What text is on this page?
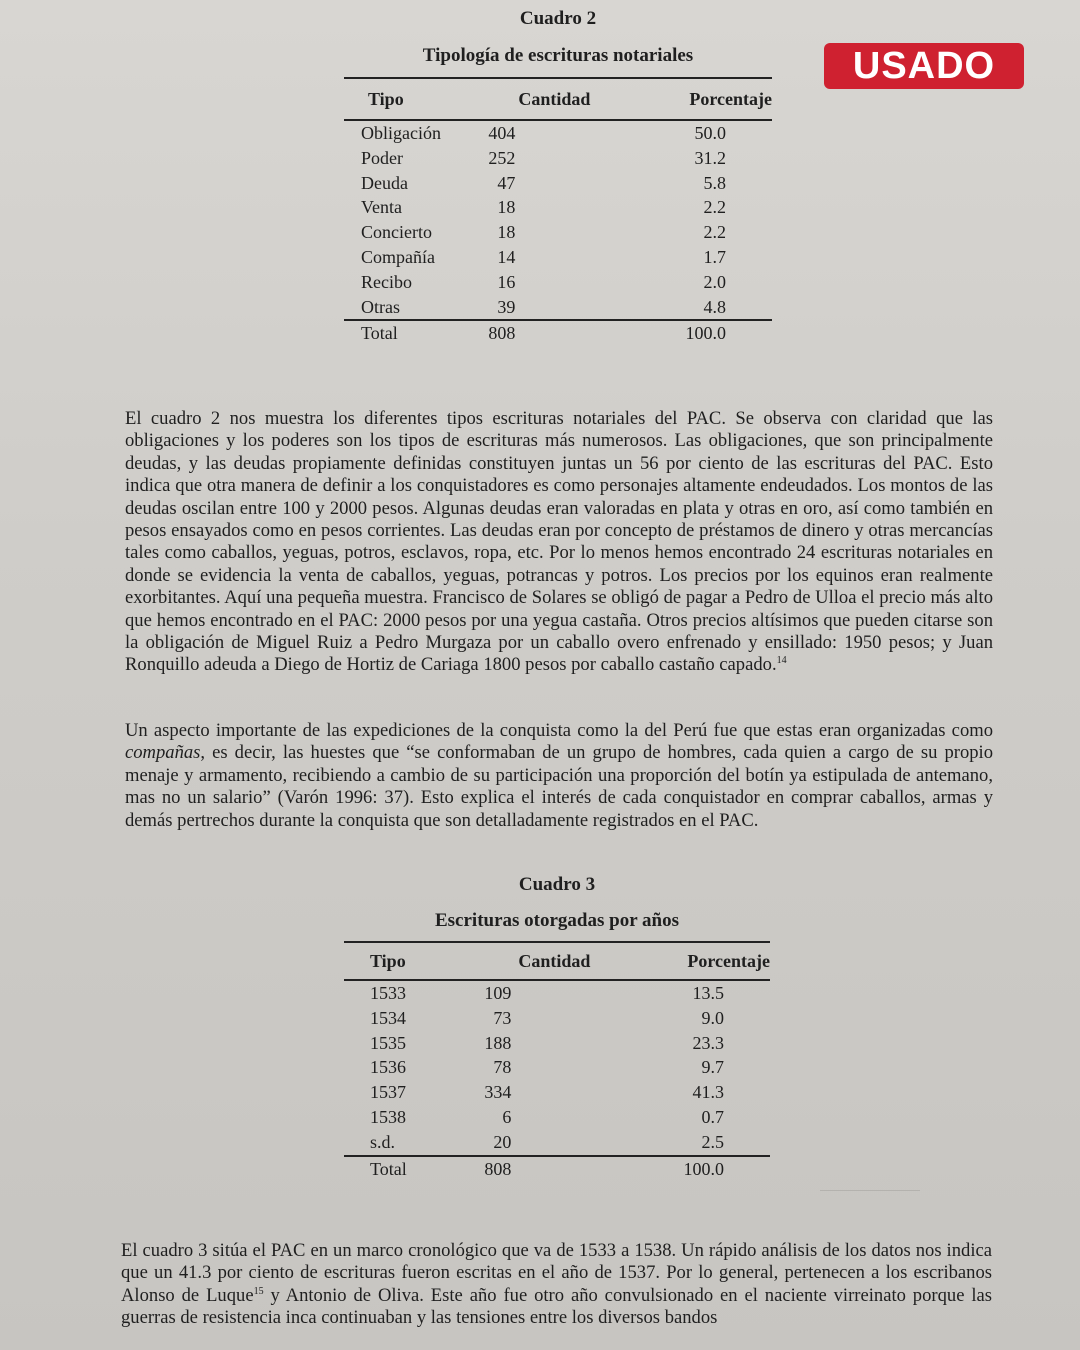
USADO
Cuadro 2
Tipología de escrituras notariales
Tipo	Cantidad	Porcentaje
Obligación	404	50.0
Poder	252	31.2
Deuda	47	5.8
Venta	18	2.2
Concierto	18	2.2
Compañía	14	1.7
Recibo	16	2.0
Otras	39	4.8
Total	808	100.0
El cuadro 2 nos muestra los diferentes tipos escrituras notariales del PAC. Se observa con claridad que las obligaciones y los poderes son los tipos de escrituras más numerosos. Las obligaciones, que son principalmente deudas, y las deudas propiamente definidas constituyen juntas un 56 por ciento de las escrituras del PAC. Esto indica que otra manera de definir a los conquistadores es como personajes altamente endeudados. Los montos de las deudas oscilan entre 100 y 2000 pesos. Algunas deudas eran valoradas en plata y otras en oro, así como también en pesos ensayados como en pesos corrientes. Las deudas eran por concepto de préstamos de dinero y otras mercancías tales como caballos, yeguas, potros, esclavos, ropa, etc. Por lo menos hemos encontrado 24 escrituras notariales en donde se evidencia la venta de caballos, yeguas, potrancas y potros. Los precios por los equinos eran realmente exorbitantes. Aquí una pequeña muestra. Francisco de Solares se obligó de pagar a Pedro de Ulloa el precio más alto que hemos encontrado en el PAC: 2000 pesos por una yegua castaña. Otros precios altísimos que pueden citarse son la obligación de Miguel Ruiz a Pedro Murgaza por un caballo overo enfrenado y ensillado: 1950 pesos; y Juan Ronquillo adeuda a Diego de Hortiz de Cariaga 1800 pesos por caballo castaño capado.$^{14}$
Un aspecto importante de las expediciones de la conquista como la del Perú fue que estas eran organizadas como compañas, es decir, las huestes que “se conformaban de un grupo de hombres, cada quien a cargo de su propio menaje y armamento, recibiendo a cambio de su participación una proporción del botín ya estipulada de antemano, mas no un salario” (Varón 1996: 37). Esto explica el interés de cada conquistador en comprar caballos, armas y demás pertrechos durante la conquista que son detalladamente registrados en el PAC.
Cuadro 3
Escrituras otorgadas por años
Tipo	Cantidad	Porcentaje
1533	109	13.5
1534	73	9.0
1535	188	23.3
1536	78	9.7
1537	334	41.3
1538	6	0.7
s.d.	20	2.5
Total	808	100.0
El cuadro 3 sitúa el PAC en un marco cronológico que va de 1533 a 1538. Un rápido análisis de los datos nos indica que un 41.3 por ciento de escrituras fueron escritas en el año de 1537. Por lo general, pertenecen a los escribanos Alonso de Luque$^{15}$ y Antonio de Oliva. Este año fue otro año convulsionado en el naciente virreinato porque las guerras de resistencia inca continuaban y las tensiones entre los diversos bandos
